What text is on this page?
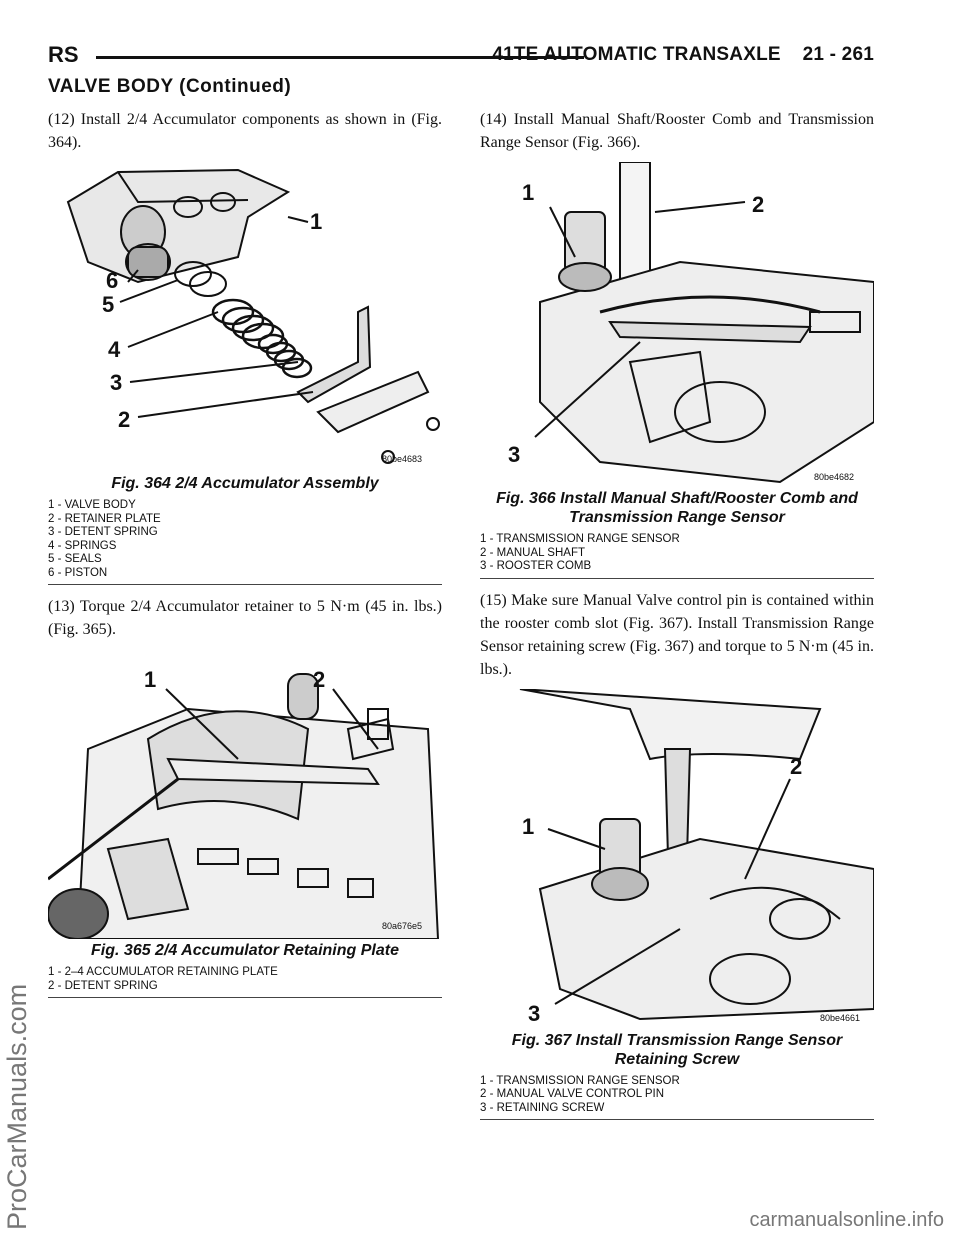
RS	41TE AUTOMATIC TRANSAXLE    21 - 261
VALVE BODY (Continued)
ProCarManuals.com	carmanualsonline.info

(12) Install 2/4 Accumulator components as shown in (Fig. 364).

1
2
3
4
5
6
80be4683
Fig. 364 2/4 Accumulator Assembly
1 - VALVE BODY
2 - RETAINER PLATE
3 - DETENT SPRING
4 - SPRINGS
5 - SEALS
6 - PISTON

(13) Torque 2/4 Accumulator retainer to 5 N·m (45 in. lbs.) (Fig. 365).

1	2
80a676e5
Fig. 365 2/4 Accumulator Retaining Plate
1 - 2–4 ACCUMULATOR RETAINING PLATE
2 - DETENT SPRING

(14) Install Manual Shaft/Rooster Comb and Transmission Range Sensor (Fig. 366).

1	2
3
80be4682
Fig. 366 Install Manual Shaft/Rooster Comb and Transmission Range Sensor
1 - TRANSMISSION RANGE SENSOR
2 - MANUAL SHAFT
3 - ROOSTER COMB

(15) Make sure Manual Valve control pin is contained within the rooster comb slot (Fig. 367). Install Transmission Range Sensor retaining screw (Fig. 367) and torque to 5 N·m (45 in. lbs.).

1
2
3	80be4661
Fig. 367 Install Transmission Range Sensor Retaining Screw
1 - TRANSMISSION RANGE SENSOR
2 - MANUAL VALVE CONTROL PIN
3 - RETAINING SCREW
